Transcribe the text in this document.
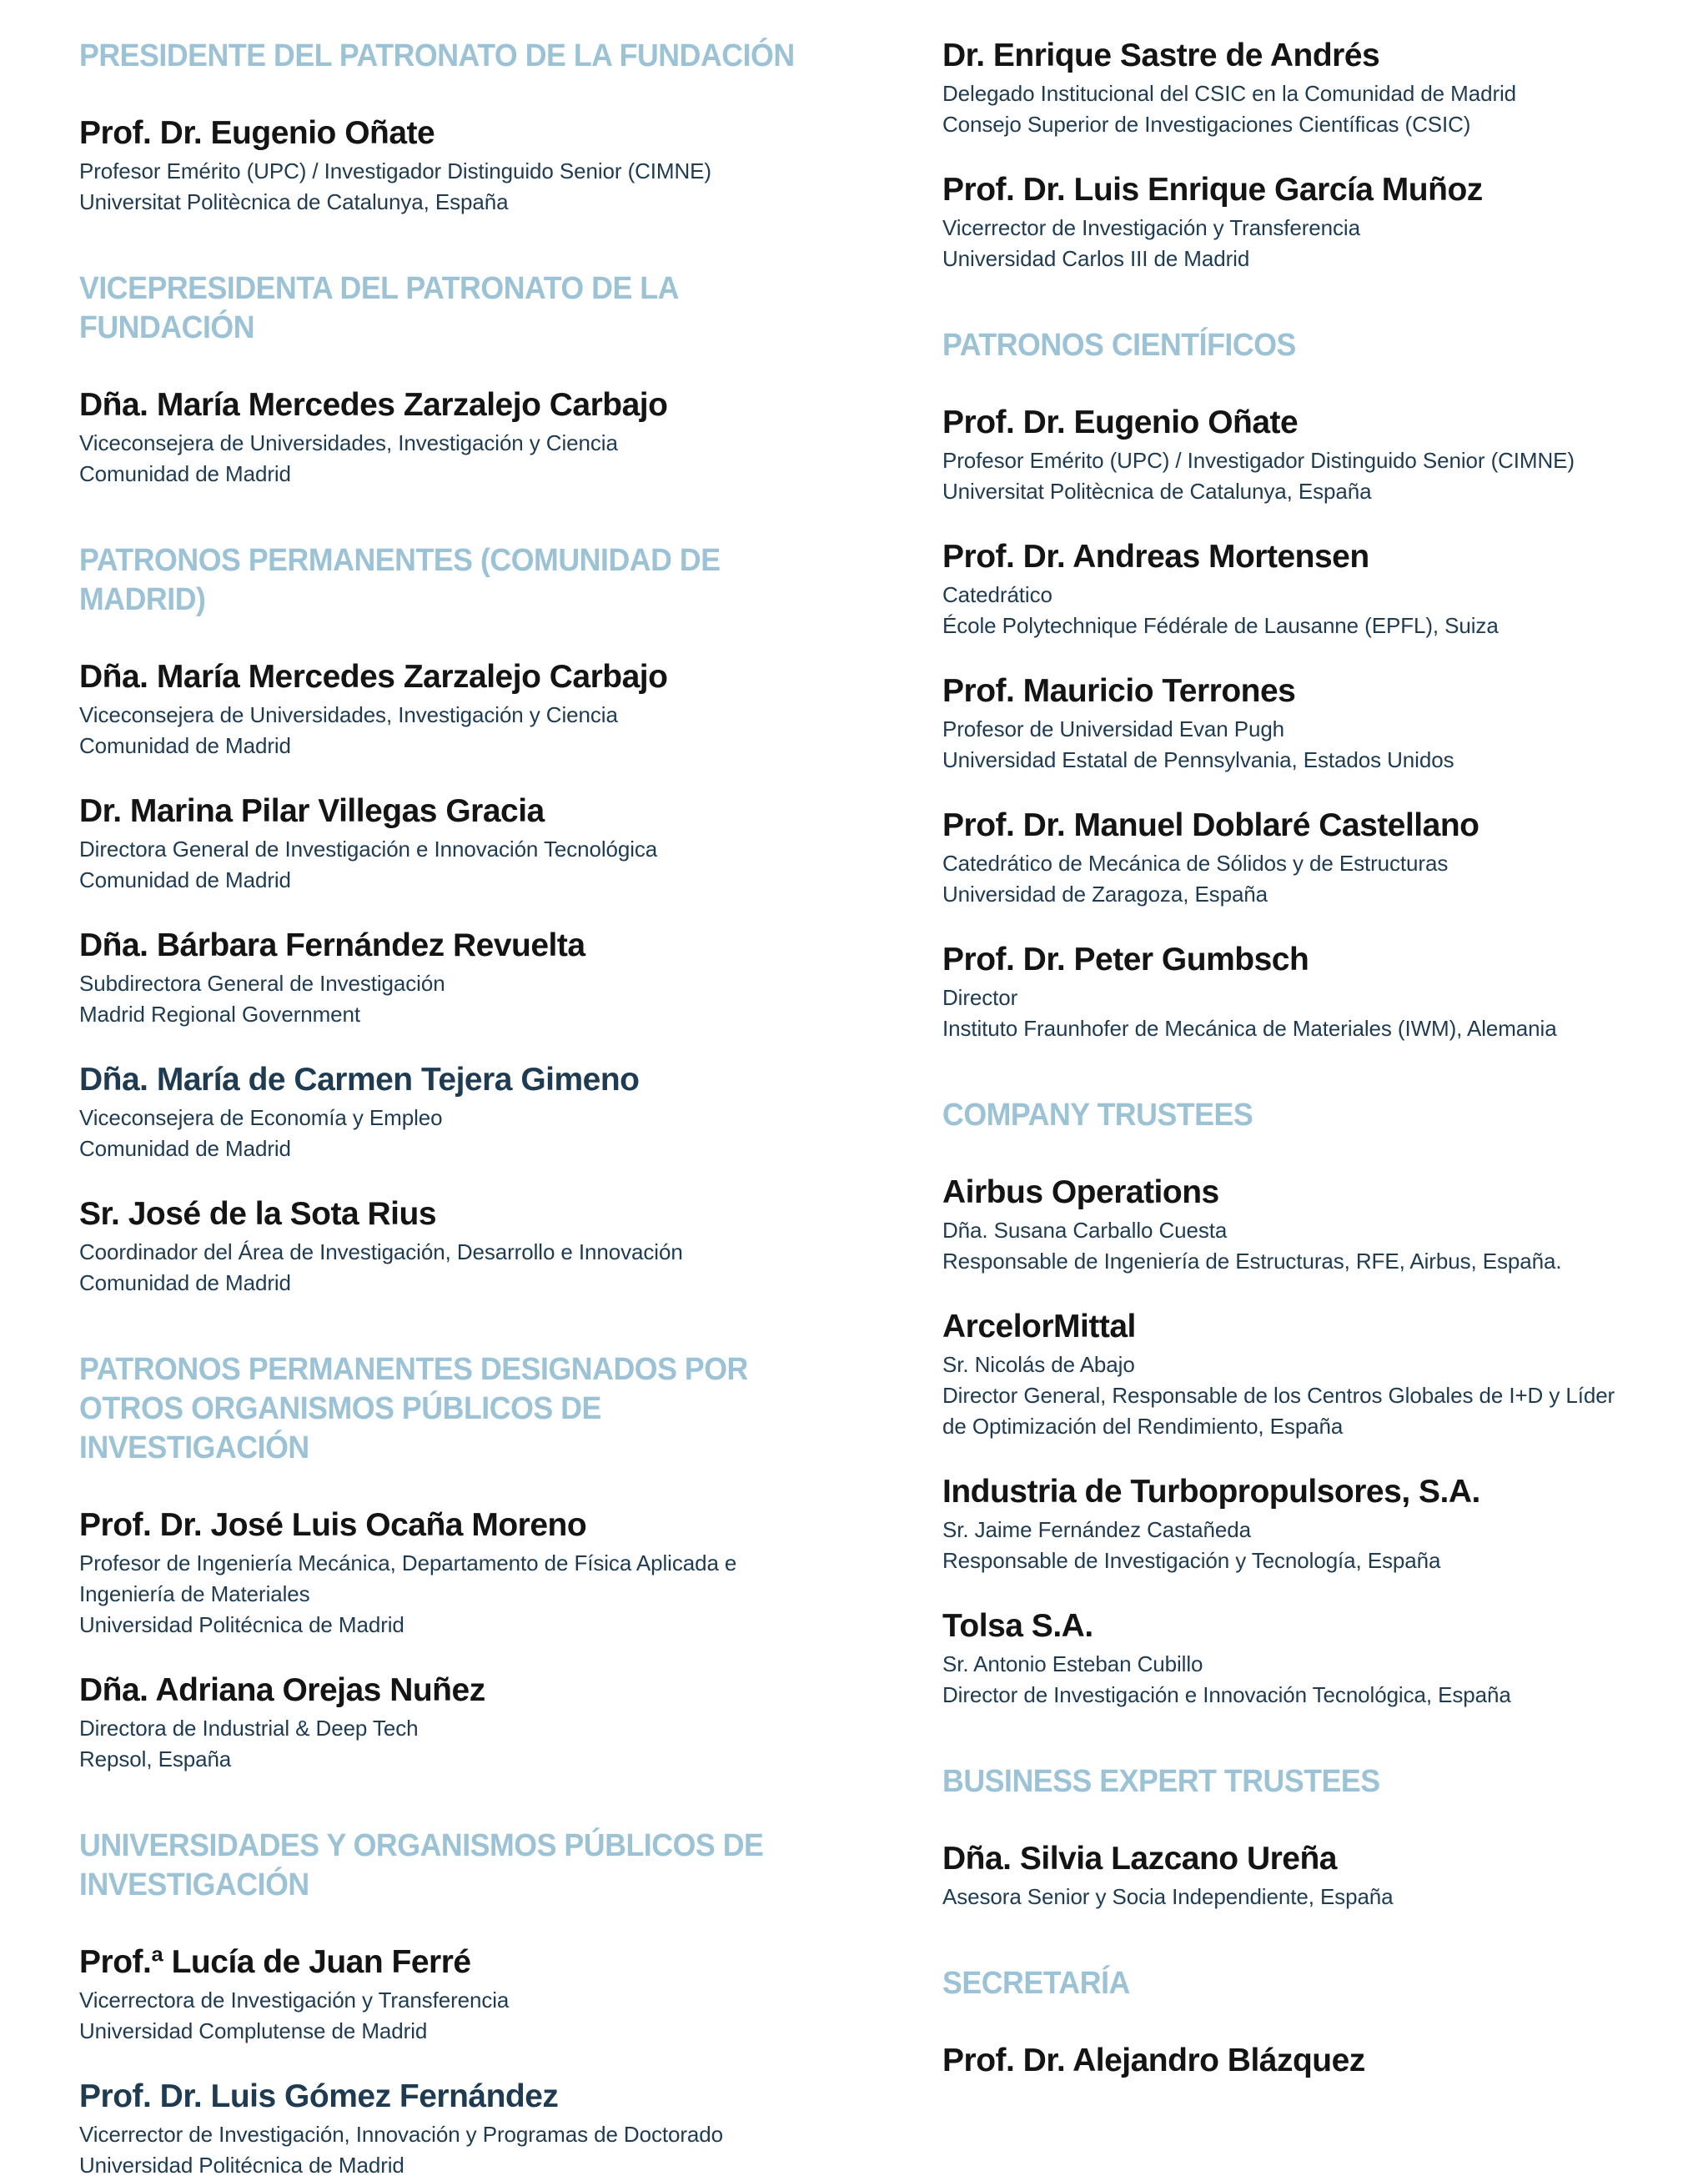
PRESIDENTE DEL PATRONATO DE LA FUNDACIÓN
Prof. Dr. Eugenio Oñate
Profesor Emérito (UPC) / Investigador Distinguido Senior (CIMNE)
Universitat Politècnica de Catalunya, España
VICEPRESIDENTA DEL PATRONATO DE LA
FUNDACIÓN
Dña. María Mercedes Zarzalejo Carbajo
Viceconsejera de Universidades, Investigación y Ciencia
Comunidad de Madrid
PATRONOS PERMANENTES (COMUNIDAD DE
MADRID)
Dña. María Mercedes Zarzalejo Carbajo
Viceconsejera de Universidades, Investigación y Ciencia
Comunidad de Madrid
Dr. Marina Pilar Villegas Gracia
Directora General de Investigación e Innovación Tecnológica
Comunidad de Madrid
Dña. Bárbara Fernández Revuelta
Subdirectora General de Investigación
Madrid Regional Government
Dña. María de Carmen Tejera Gimeno
Viceconsejera de Economía y Empleo
Comunidad de Madrid
Sr. José de la Sota Rius
Coordinador del Área de Investigación, Desarrollo e Innovación
Comunidad de Madrid
PATRONOS PERMANENTES DESIGNADOS POR
OTROS ORGANISMOS PÚBLICOS DE
INVESTIGACIÓN
Prof. Dr. José Luis Ocaña Moreno
Profesor de Ingeniería Mecánica, Departamento de Física Aplicada e
Ingeniería de Materiales
Universidad Politécnica de Madrid
Dña. Adriana Orejas Nuñez
Directora de Industrial & Deep Tech
Repsol, España
UNIVERSIDADES Y ORGANISMOS PÚBLICOS DE
INVESTIGACIÓN
Prof.ª Lucía de Juan Ferré
Vicerrectora de Investigación y Transferencia
Universidad Complutense de Madrid
Prof. Dr. Luis Gómez Fernández
Vicerrector de Investigación, Innovación y Programas de Doctorado
Universidad Politécnica de Madrid
Dr. Enrique Sastre de Andrés
Delegado Institucional del CSIC en la Comunidad de Madrid
Consejo Superior de Investigaciones Científicas (CSIC)
Prof. Dr. Luis Enrique García Muñoz
Vicerrector de Investigación y Transferencia
Universidad Carlos III de Madrid
PATRONOS CIENTÍFICOS
Prof. Dr. Eugenio Oñate
Profesor Emérito (UPC) / Investigador Distinguido Senior (CIMNE)
Universitat Politècnica de Catalunya, España
Prof. Dr. Andreas Mortensen
Catedrático
École Polytechnique Fédérale de Lausanne (EPFL), Suiza
Prof. Mauricio Terrones
Profesor de Universidad Evan Pugh
Universidad Estatal de Pennsylvania, Estados Unidos
Prof. Dr. Manuel Doblaré Castellano
Catedrático de Mecánica de Sólidos y de Estructuras
Universidad de Zaragoza, España
Prof. Dr. Peter Gumbsch
Director
Instituto Fraunhofer de Mecánica de Materiales (IWM), Alemania
COMPANY TRUSTEES
Airbus Operations
Dña. Susana Carballo Cuesta
Responsable de Ingeniería de Estructuras, RFE, Airbus, España.
ArcelorMittal
Sr. Nicolás de Abajo
Director General, Responsable de los Centros Globales de I+D y Líder
de Optimización del Rendimiento, España
Industria de Turbopropulsores, S.A.
Sr. Jaime Fernández Castañeda
Responsable de Investigación y Tecnología, España
Tolsa S.A.
Sr. Antonio Esteban Cubillo
Director de Investigación e Innovación Tecnológica, España
BUSINESS EXPERT TRUSTEES
Dña. Silvia Lazcano Ureña
Asesora Senior y Socia Independiente, España
SECRETARÍA
Prof. Dr. Alejandro Blázquez
